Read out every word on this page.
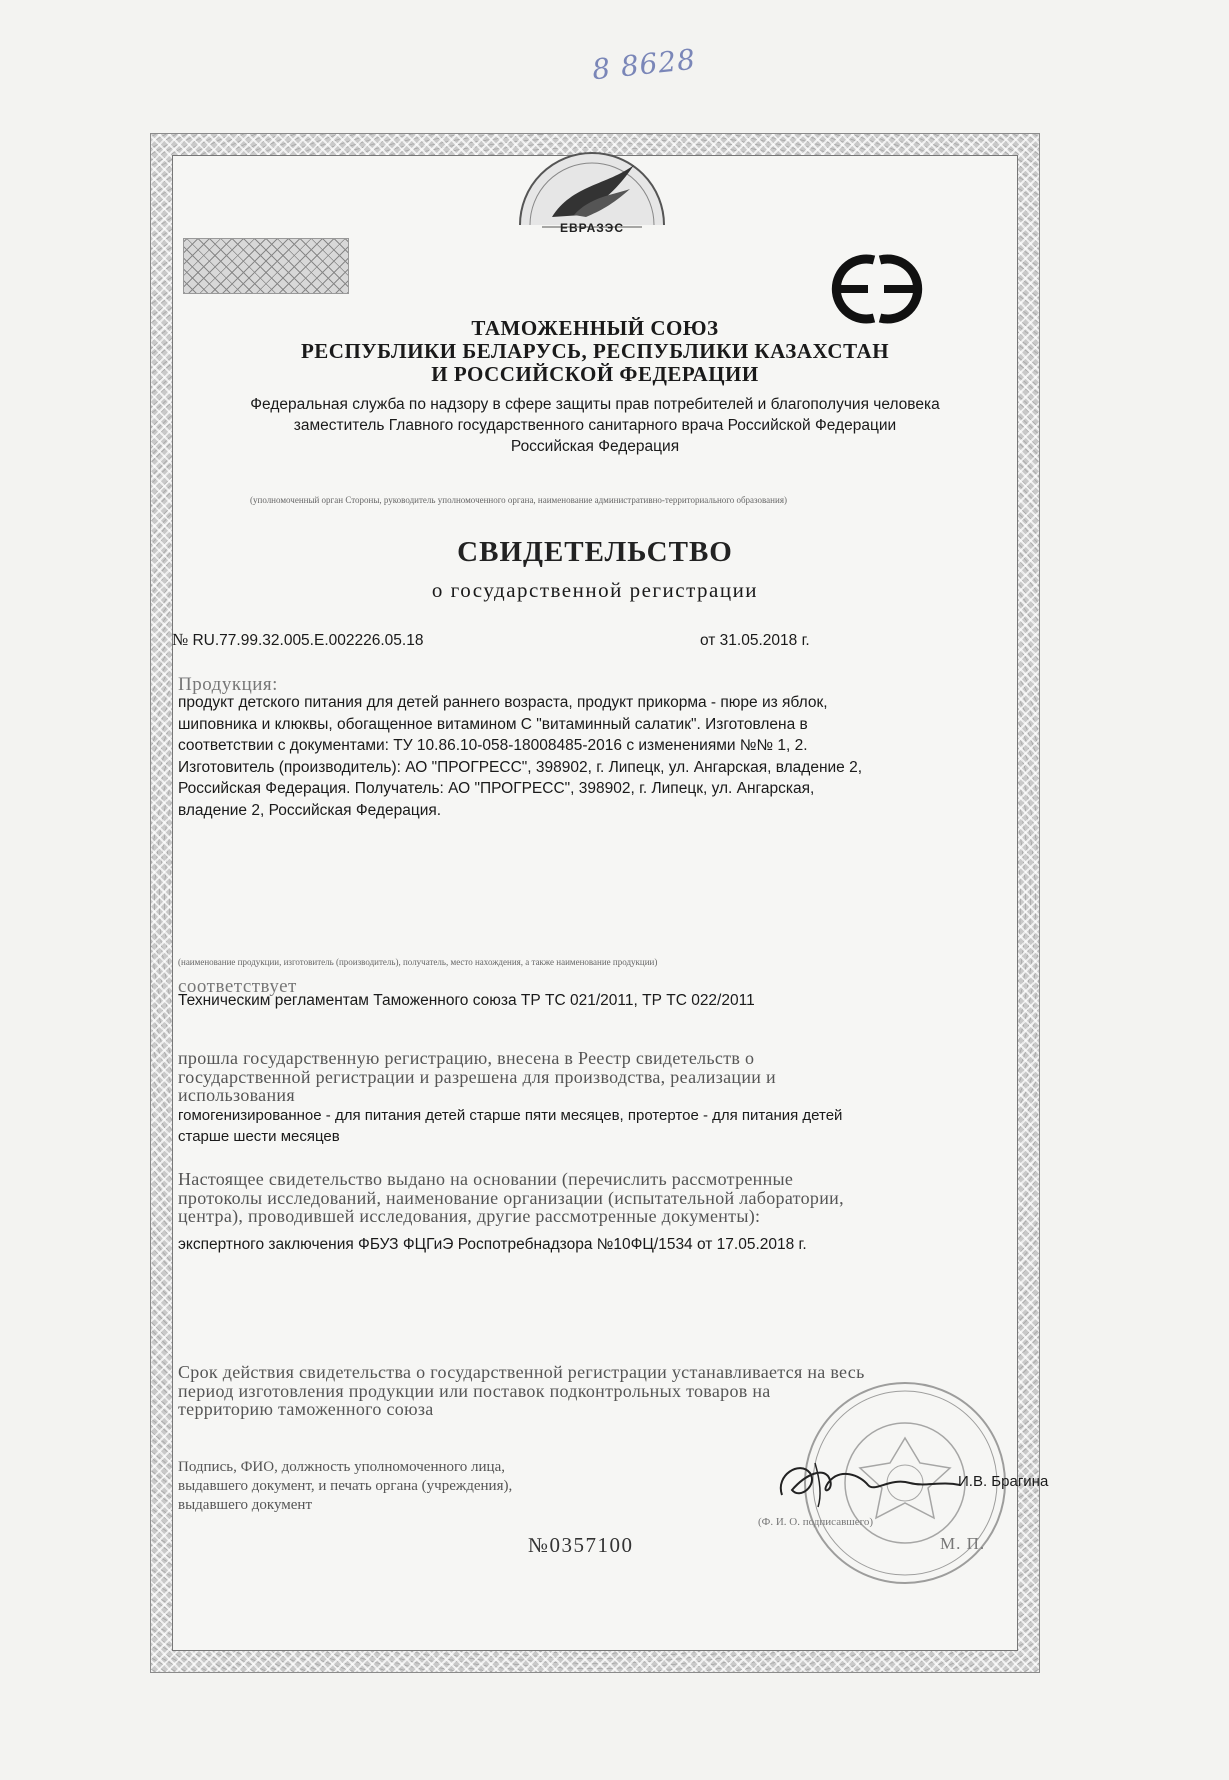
8 8628
ЕВРАЗЭС
ТАМОЖЕННЫЙ СОЮЗ
РЕСПУБЛИКИ БЕЛАРУСЬ, РЕСПУБЛИКИ КАЗАХСТАН
И РОССИЙСКОЙ ФЕДЕРАЦИИ
Федеральная служба по надзору в сфере защиты прав потребителей и благополучия человека
заместитель Главного государственного санитарного врача Российской Федерации
Российская Федерация
(уполномоченный орган Стороны, руководитель уполномоченного органа, наименование административно-территориального образования)
СВИДЕТЕЛЬСТВО
о государственной регистрации
№ RU.77.99.32.005.E.002226.05.18	от 31.05.2018 г.
Продукция:
продукт детского питания для детей раннего возраста, продукт прикорма - пюре из яблок,
шиповника и клюквы, обогащенное витамином С "витаминный салатик". Изготовлена в
соответствии с документами: ТУ 10.86.10-058-18008485-2016 с изменениями №№ 1, 2.
Изготовитель (производитель): АО "ПРОГРЕСС", 398902, г. Липецк, ул. Ангарская, владение 2,
Российская Федерация. Получатель: АО "ПРОГРЕСС", 398902, г. Липецк, ул. Ангарская,
владение 2, Российская Федерация.
(наименование продукции, изготовитель (производитель), получатель, место нахождения, а также наименование продукции)
соответствует
Техническим регламентам Таможенного союза ТР ТС 021/2011, ТР ТС 022/2011
прошла государственную регистрацию, внесена в Реестр свидетельств о
государственной регистрации и разрешена для производства, реализации и
использования
гомогенизированное - для питания детей старше пяти месяцев, протертое - для питания детей
старше шести месяцев
Настоящее свидетельство выдано на основании (перечислить рассмотренные
протоколы исследований, наименование организации (испытательной лаборатории,
центра), проводившей исследования, другие рассмотренные документы):
экспертного заключения ФБУЗ ФЦГиЭ Роспотребнадзора №10ФЦ/1534 от 17.05.2018 г.
Срок действия свидетельства о государственной регистрации устанавливается на весь
период изготовления продукции или поставок подконтрольных товаров на
территорию таможенного союза
Подпись, ФИО, должность уполномоченного лица,
выдавшего документ, и печать органа (учреждения),
выдавшего документ
И.В. Брагина
(Ф. И. О. подписавшего)
М. П.
№0357100
